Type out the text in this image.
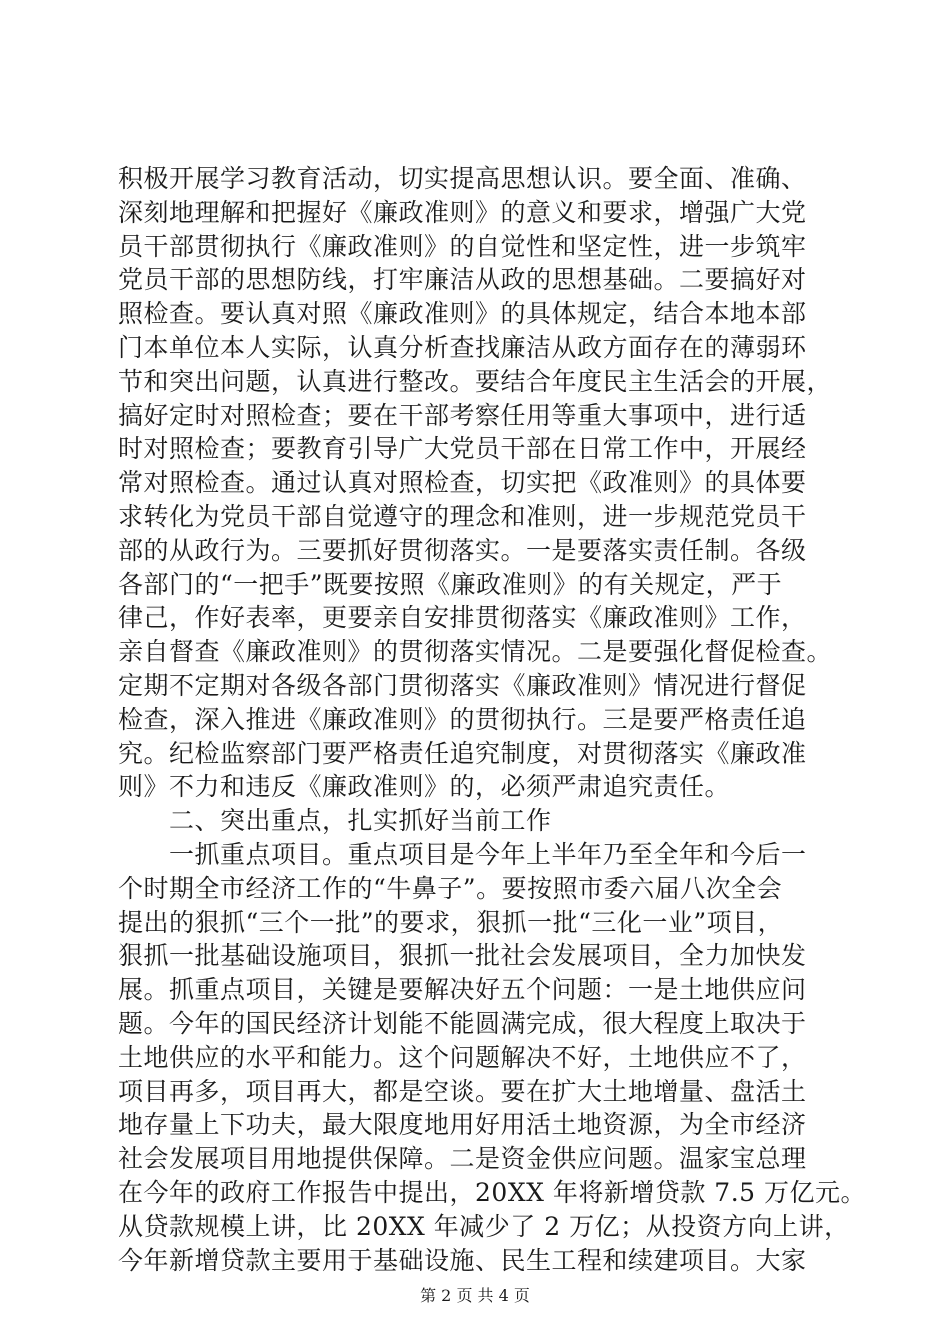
积极开展学习教育活动，切实提高思想认识。要全面、准确、
深刻地理解和把握好《廉政准则》的意义和要求，增强广大党
员干部贯彻执行《廉政准则》的自觉性和坚定性，进一步筑牢
党员干部的思想防线，打牢廉洁从政的思想基础。二要搞好对
照检查。要认真对照《廉政准则》的具体规定，结合本地本部
门本单位本人实际，认真分析查找廉洁从政方面存在的薄弱环
节和突出问题，认真进行整改。要结合年度民主生活会的开展，
搞好定时对照检查；要在干部考察任用等重大事项中，进行适
时对照检查；要教育引导广大党员干部在日常工作中，开展经
常对照检查。通过认真对照检查，切实把《政准则》的具体要
求转化为党员干部自觉遵守的理念和准则，进一步规范党员干
部的从政行为。三要抓好贯彻落实。一是要落实责任制。各级
各部门的“一把手”既要按照《廉政准则》的有关规定，严于
律己，作好表率，更要亲自安排贯彻落实《廉政准则》工作，
亲自督查《廉政准则》的贯彻落实情况。二是要强化督促检查。
定期不定期对各级各部门贯彻落实《廉政准则》情况进行督促
检查，深入推进《廉政准则》的贯彻执行。三是要严格责任追
究。纪检监察部门要严格责任追究制度，对贯彻落实《廉政准
则》不力和违反《廉政准则》的，必须严肃追究责任。
　　二、突出重点，扎实抓好当前工作
　　一抓重点项目。重点项目是今年上半年乃至全年和今后一
个时期全市经济工作的“牛鼻子”。要按照市委六届八次全会
提出的狠抓“三个一批”的要求，狠抓一批“三化一业”项目，
狠抓一批基础设施项目，狠抓一批社会发展项目，全力加快发
展。抓重点项目，关键是要解决好五个问题：一是土地供应问
题。今年的国民经济计划能不能圆满完成，很大程度上取决于
土地供应的水平和能力。这个问题解决不好，土地供应不了，
项目再多，项目再大，都是空谈。要在扩大土地增量、盘活土
地存量上下功夫，最大限度地用好用活土地资源，为全市经济
社会发展项目用地提供保障。二是资金供应问题。温家宝总理
在今年的政府工作报告中提出，20XX 年将新增贷款 7.5 万亿元。
从贷款规模上讲，比 20XX 年减少了 2 万亿；从投资方向上讲，
今年新增贷款主要用于基础设施、民生工程和续建项目。大家
第 2 页 共 4 页
